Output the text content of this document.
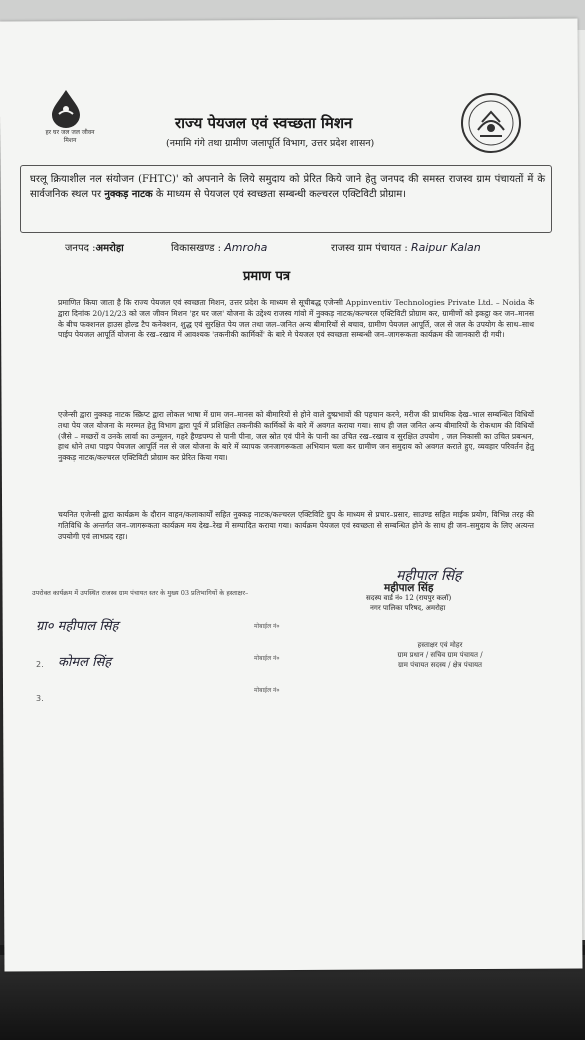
हर घर जल जल जीवन मिशन
राज्य पेयजल एवं स्वच्छता मिशन
(नमामि गंगे तथा ग्रामीण जलापूर्ति विभाग, उत्तर प्रदेश शासन)
घरलू क्रियाशील नल संयोजन (FHTC)' को अपनाने के लिये समुदाय को प्रेरित किये जाने हेतु जनपद की समस्त राजस्व ग्राम पंचायतों में के सार्वजनिक स्थल पर नुक्कड़ नाटक के माध्यम से पेयजल एवं स्वच्छता सम्बन्धी कल्चरल एक्टिविटी प्रोग्राम।
जनपद :अमरोहा	विकासखण्ड : Amroha	राजस्व ग्राम पंचायत : Raipur Kalan
प्रमाण पत्र
प्रमाणित किया जाता है कि राज्य पेयजल एवं स्वच्छता मिशन, उत्तर प्रदेश के माध्यम से सूचीबद्ध एजेन्सी Appinventiv Technologies Private Ltd. – Noida के द्वारा दिनांक 20/12/23 को जल जीवन मिशन 'हर घर जल' योजना के उद्देश्य राजस्व गांवो में नुक्कड़ नाटक/कल्चरल एक्टिविटी प्रोग्राम कर, ग्रामीणों को इकट्ठा कर जन–मानस के बीच फक्शनल हाउस होल्ड टैप कनेक्शन, शुद्ध एवं सुरक्षित पेय जल तथा जल–जनित अन्य बीमारियों से बचाव, ग्रामीण पेयजल आपूर्ति, जल से जल के उपयोग के साथ–साथ पाईप पेयजल आपूर्ति योजना के रख–रखाव में आवश्यक 'तकनीकी कार्मिकों' के बारे मे पेयजल एवं स्वच्छता सम्बन्धी जन–जागरूकता कार्यक्रम की जानकारी दी गयी।
एजेन्सी द्वारा नुक्कड़ नाटक स्क्रिप्ट द्वारा लोकल भाषा में ग्राम जन–मानस को बीमारियों से होने वाले दुष्प्रभावों की पहचान करने, मरीज की प्राथमिक देख–भाल सम्बन्धित विधियों तथा पेय जल योजना के मरम्मत हेतु विभाग द्वारा पूर्व में प्रशिक्षित तकनीकी कार्मिकों के बारे में अवगत कराया गया। साथ ही जल जनित अन्य बीमारियों के रोकथाम की विधियों (जैसे – मच्छरों व उनके लार्वा का उन्मूलन, गहरे हैण्डपम्प से पानी पीना, जल स्रोत एवं पीने के पानी का उचित रख–रखाव व सुरक्षित उपयोग , जल निकासी का उचित प्रबन्धन, हाथ धोने तथा पाइप पेयजल आपूर्ति नल से जल योजना के बारे में व्यापक जनजागरूकता अभियान चला कर ग्रामीण जन समुदाय को अवगत कराते हुए, व्यवहार परिवर्तन हेतु नुक्कड़ नाटक/कल्चरल एक्टिविटी प्रोग्राम कर प्रेरित किया गया।
चयनित एजेन्सी द्वारा कार्यक्रम के दौरान वाहन/कलाकार्यों सहित नुक्कड़ नाटक/कल्चरल एक्टिविटि ग्रुप के माध्यम से प्रचार–प्रसार, साउण्ड सहित माईक प्रयोग, विभिन्न तरह की गतिविधि के अन्तर्गत जन–जागरूकता कार्यक्रम मय देख–रेख में सम्पादित कराया गया। कार्यक्रम पेयजल एवं स्वच्छता से सम्बन्धित होने के साथ ही जन–समुदाय के लिए अत्यन्त उपयोगी एवं लाभप्रद रहा।
महीपाल सिंह
महीपाल सिंह
सदस्य वार्ड नं० 12 (रायपुर कलॉ)
नगर पालिका परिषद, अमरोहा
उपरोक्त कार्यक्रम में उपस्थित राजस्व ग्राम पंचायत स्तर के मुख्य 03 प्रतिभागियों के हस्ताक्षर–
ग्रा० महीपाल सिंह	मोबाईल नं०
2. कोमल सिंह	मोबाईल नं०
3.
मोबाईल नं०
हस्ताक्षर एवं मोहर
ग्राम प्रधान / सचिव ग्राम पंचायत /
ग्राम पंचायत सदस्य / क्षेत्र पंचायत
